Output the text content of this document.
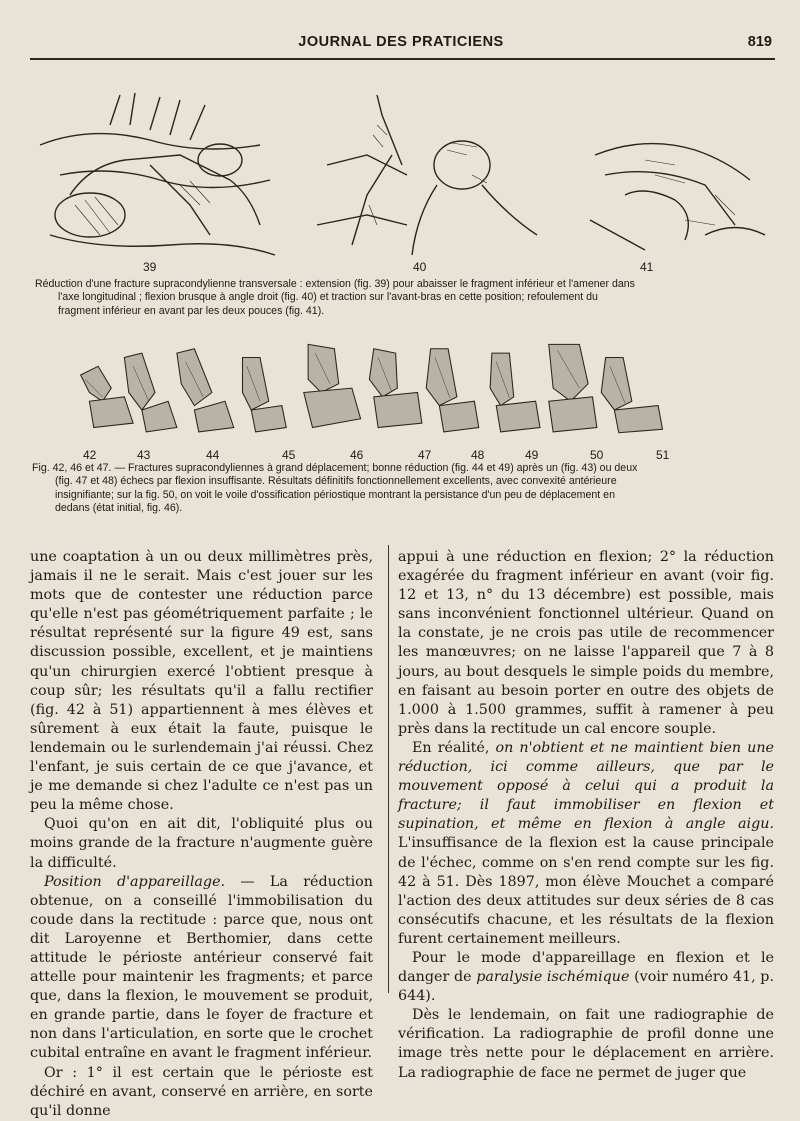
JOURNAL DES PRATICIENS	819
39	40	41
Réduction d'une fracture supracondylienne transversale : extension (fig. 39) pour abaisser le fragment inférieur et l'amener dans
l'axe longitudinal ; flexion brusque à angle droit (fig. 40) et traction sur l'avant-bras en cette position; refoulement du
fragment inférieur en avant par les deux pouces (fig. 41).
42	43	44	45	46	47	48	49	50	51
Fig. 42, 46 et 47. — Fractures supracondyliennes à grand déplacement; bonne réduction (fig. 44 et 49) après un (fig. 43) ou deux
(fig. 47 et 48) échecs par flexion insuffisante. Résultats définitifs fonctionnellement excellents, avec convexité antérieure
insignifiante; sur la fig. 50, on voit le voile d'ossification périostique montrant la persistance d'un peu de déplacement en
dedans (état initial, fig. 46).

une coaptation à un ou deux millimètres près, jamais il ne le serait. Mais c'est jouer sur les mots que de contester une réduction parce qu'elle n'est pas géométriquement parfaite ; le résultat représenté sur la figure 49 est, sans discussion possible, excellent, et je maintiens qu'un chirurgien exercé l'obtient presque à coup sûr; les résultats qu'il a fallu rectifier (fig. 42 à 51) appartiennent à mes élèves et sûrement à eux était la faute, puisque le lendemain ou le surlendemain j'ai réussi. Chez l'enfant, je suis certain de ce que j'avance, et je me demande si chez l'adulte ce n'est pas un peu la même chose.

Quoi qu'on en ait dit, l'obliquité plus ou moins grande de la fracture n'augmente guère la difficulté.

Position d'appareillage. — La réduction obtenue, on a conseillé l'immobilisation du coude dans la rectitude : parce que, nous ont dit Laroyenne et Berthomier, dans cette attitude le périoste antérieur conservé fait attelle pour maintenir les fragments; et parce que, dans la flexion, le mouvement se produit, en grande partie, dans le foyer de fracture et non dans l'articulation, en sorte que le crochet cubital entraîne en avant le fragment inférieur.

Or : 1° il est certain que le périoste est déchiré en avant, conservé en arrière, en sorte qu'il donne

appui à une réduction en flexion; 2° la réduction exagérée du fragment inférieur en avant (voir fig. 12 et 13, n° du 13 décembre) est possible, mais sans inconvénient fonctionnel ultérieur. Quand on la constate, je ne crois pas utile de recommencer les manœuvres; on ne laisse l'appareil que 7 à 8 jours, au bout desquels le simple poids du membre, en faisant au besoin porter en outre des objets de 1.000 à 1.500 grammes, suffit à ramener à peu près dans la rectitude un cal encore souple.

En réalité, on n'obtient et ne maintient bien une réduction, ici comme ailleurs, que par le mouvement opposé à celui qui a produit la fracture; il faut immobiliser en flexion et supination, et même en flexion à angle aigu. L'insuffisance de la flexion est la cause principale de l'échec, comme on s'en rend compte sur les fig. 42 à 51. Dès 1897, mon élève Mouchet a comparé l'action des deux attitudes sur deux séries de 8 cas consécutifs chacune, et les résultats de la flexion furent certainement meilleurs.

Pour le mode d'appareillage en flexion et le danger de paralysie ischémique (voir numéro 41, p. 644).

Dès le lendemain, on fait une radiographie de vérification. La radiographie de profil donne une image très nette pour le déplacement en arrière. La radiographie de face ne permet de juger que
